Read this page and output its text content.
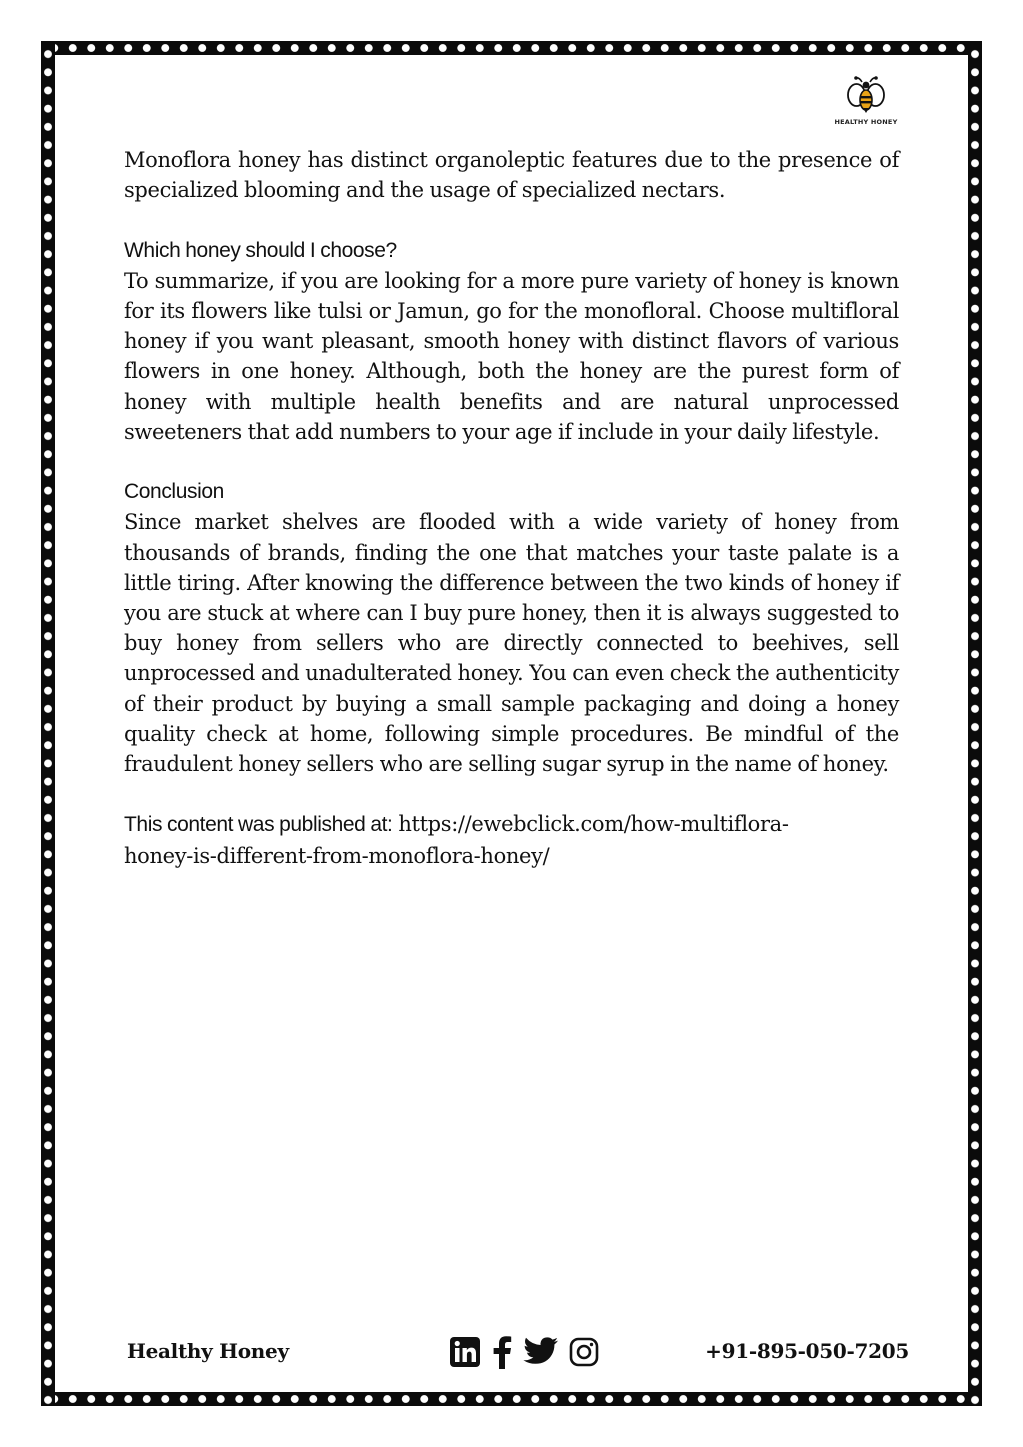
HEALTHY HONEY

Monoflora honey has distinct organoleptic features due to the presence of specialized blooming and the usage of specialized nectars.

Which honey should I choose?

To summarize, if you are looking for a more pure variety of honey is known for its flowers like tulsi or Jamun, go for the monofloral. Choose multifloral honey if you want pleasant, smooth honey with distinct flavors of various flowers in one honey. Although, both the honey are the purest form of honey with multiple health benefits and are natural unprocessed sweeteners that add numbers to your age if include in your daily lifestyle.

Conclusion

Since market shelves are flooded with a wide variety of honey from thousands of brands, finding the one that matches your taste palate is a little tiring. After knowing the difference between the two kinds of honey if you are stuck at where can I buy pure honey, then it is always suggested to buy honey from sellers who are directly connected to beehives, sell unprocessed and unadulterated honey. You can even check the authenticity of their product by buying a small sample packaging and doing a honey quality check at home, following simple procedures. Be mindful of the fraudulent honey sellers who are selling sugar syrup in the name of honey.

This content was published at: https://ewebclick.com/how-multiflora-
honey-is-different-from-monoflora-honey/

Healthy Honey	+91-895-050-7205
